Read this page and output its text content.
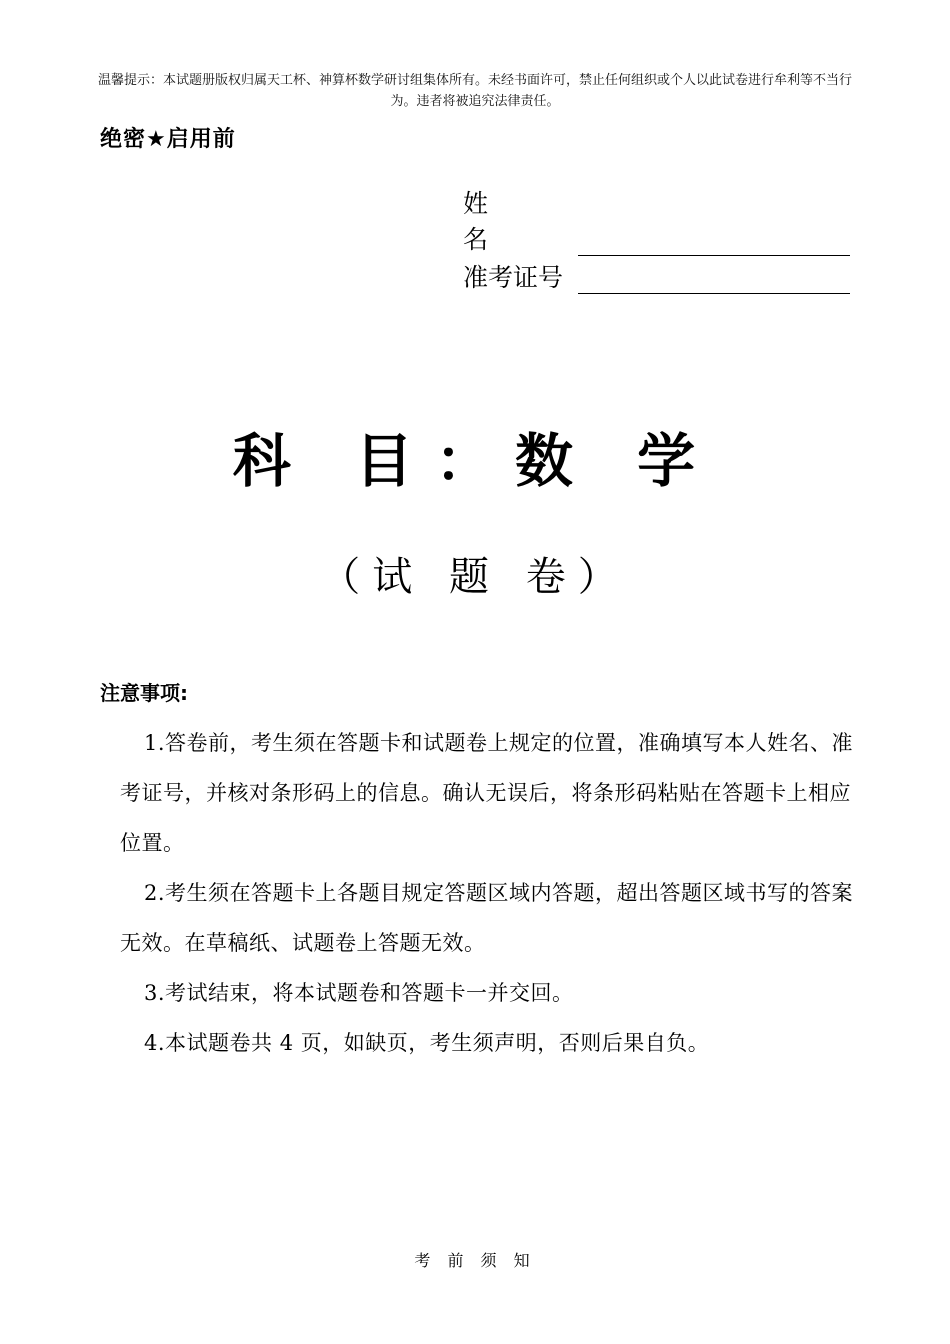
温馨提示：本试题册版权归属天工杯、神算杯数学研讨组集体所有。未经书面许可，禁止任何组织或个人以此试卷进行牟利等不当行为。违者将被追究法律责任。
绝密★启用前
姓名
准考证号
科 目：数 学
（试 题 卷）
注意事项:

1.答卷前，考生须在答题卡和试题卷上规定的位置，准确填写本人姓名、准考证号，并核对条形码上的信息。确认无误后，将条形码粘贴在答题卡上相应位置。

2.考生须在答题卡上各题目规定答题区域内答题，超出答题区域书写的答案无效。在草稿纸、试题卷上答题无效。

3.考试结束，将本试题卷和答题卡一并交回。

4.本试题卷共 4 页，如缺页，考生须声明，否则后果自负。

考 前 须 知
